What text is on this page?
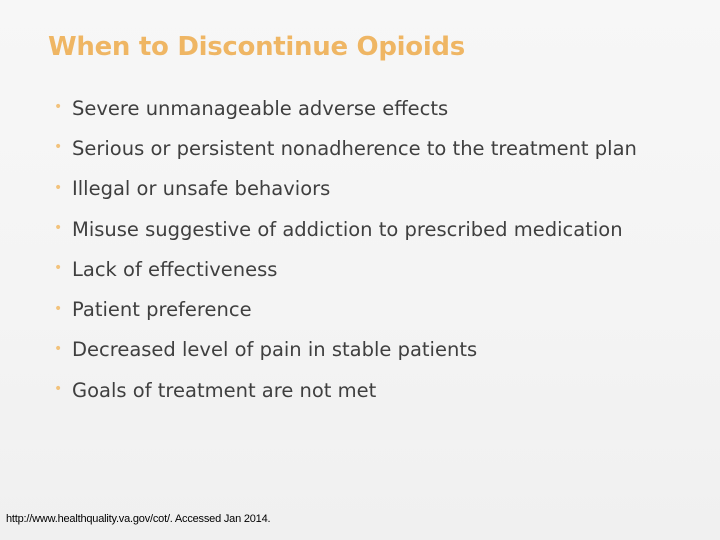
When to Discontinue Opioids
• Severe unmanageable adverse effects
• Serious or persistent nonadherence to the treatment plan
• Illegal or unsafe behaviors
• Misuse suggestive of addiction to prescribed medication
• Lack of effectiveness
• Patient preference
• Decreased level of pain in stable patients
• Goals of treatment are not met
http://www.healthquality.va.gov/cot/. Accessed Jan 2014.
